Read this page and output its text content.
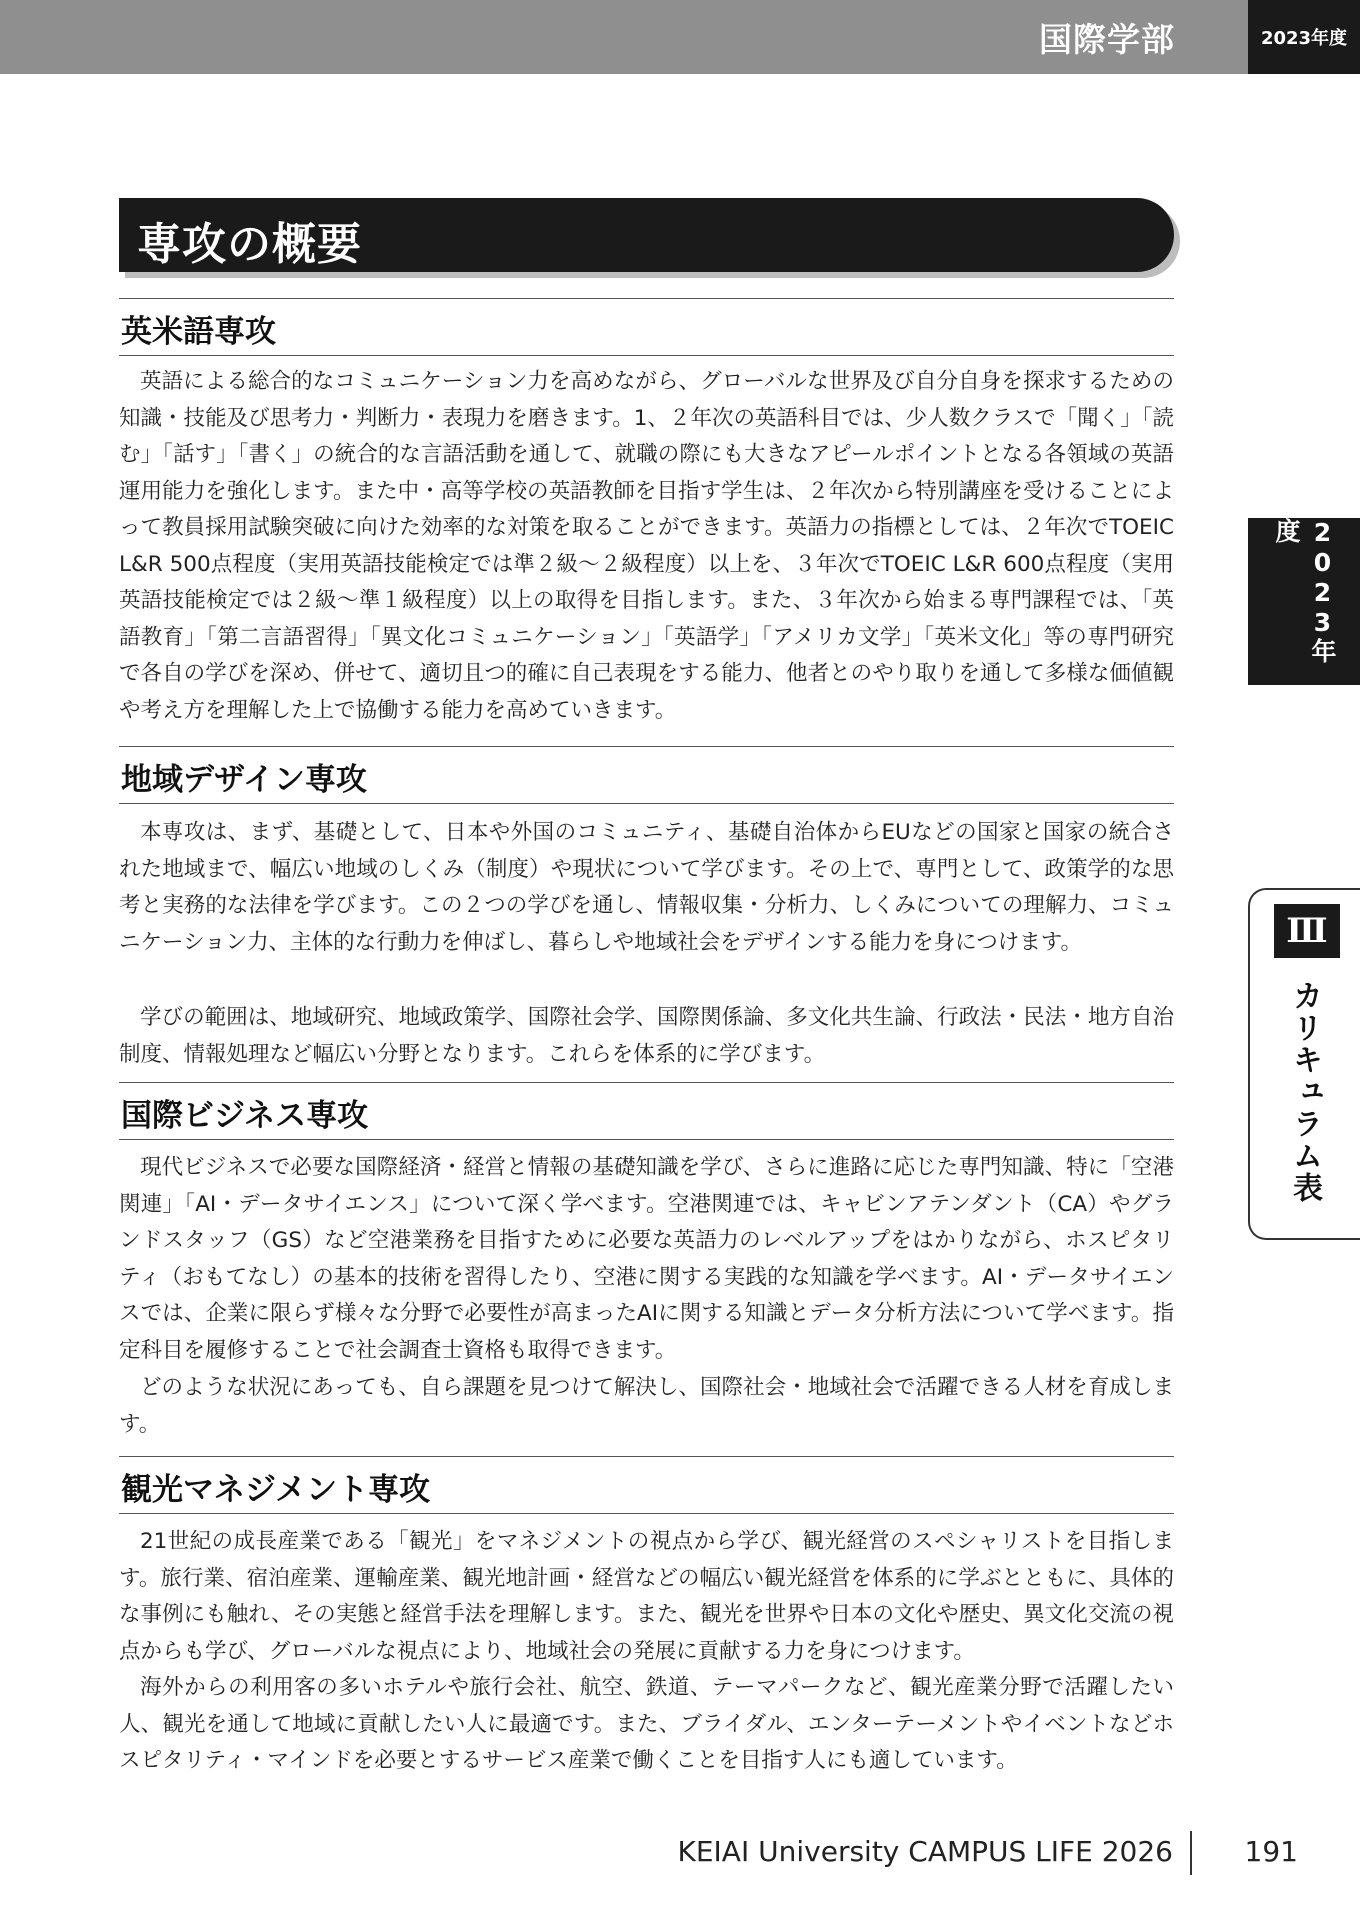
国際学部	2023年度
専攻の概要
英米語専攻

英語による総合的なコミュニケーション力を高めながら、グローバルな世界及び自分自身を探求するための知識・技能及び思考力・判断力・表現力を磨きます。1、２年次の英語科目では、少人数クラスで「聞く」「読む」「話す」「書く」の統合的な言語活動を通して、就職の際にも大きなアピールポイントとなる各領域の英語運用能力を強化します。また中・高等学校の英語教師を目指す学生は、２年次から特別講座を受けることによって教員採用試験突破に向けた効率的な対策を取ることができます。英語力の指標としては、２年次でTOEIC L&R 500点程度（実用英語技能検定では準２級～２級程度）以上を、３年次でTOEIC L&R 600点程度（実用英語技能検定では２級～準１級程度）以上の取得を目指します。また、３年次から始まる専門課程では、「英語教育」「第二言語習得」「異文化コミュニケーション」「英語学」「アメリカ文学」「英米文化」等の専門研究で各自の学びを深め、併せて、適切且つ的確に自己表現をする能力、他者とのやり取りを通して多様な価値観や考え方を理解した上で協働する能力を高めていきます。

地域デザイン専攻

本専攻は、まず、基礎として、日本や外国のコミュニティ、基礎自治体からEUなどの国家と国家の統合された地域まで、幅広い地域のしくみ（制度）や現状について学びます。その上で、専門として、政策学的な思考と実務的な法律を学びます。この２つの学びを通し、情報収集・分析力、しくみについての理解力、コミュニケーション力、主体的な行動力を伸ばし、暮らしや地域社会をデザインする能力を身につけます。

学びの範囲は、地域研究、地域政策学、国際社会学、国際関係論、多文化共生論、行政法・民法・地方自治制度、情報処理など幅広い分野となります。これらを体系的に学びます。

国際ビジネス専攻

現代ビジネスで必要な国際経済・経営と情報の基礎知識を学び、さらに進路に応じた専門知識、特に「空港関連」「AI・データサイエンス」について深く学べます。空港関連では、キャビンアテンダント（CA）やグランドスタッフ（GS）など空港業務を目指すために必要な英語力のレベルアップをはかりながら、ホスピタリティ（おもてなし）の基本的技術を習得したり、空港に関する実践的な知識を学べます。AI・データサイエンスでは、企業に限らず様々な分野で必要性が高まったAIに関する知識とデータ分析方法について学べます。指定科目を履修することで社会調査士資格も取得できます。

どのような状況にあっても、自ら課題を見つけて解決し、国際社会・地域社会で活躍できる人材を育成します。

観光マネジメント専攻

21世紀の成長産業である「観光」をマネジメントの視点から学び、観光経営のスペシャリストを目指します。旅行業、宿泊産業、運輸産業、観光地計画・経営などの幅広い観光経営を体系的に学ぶとともに、具体的な事例にも触れ、その実態と経営手法を理解します。また、観光を世界や日本の文化や歴史、異文化交流の視点からも学び、グローバルな視点により、地域社会の発展に貢献する力を身につけます。

海外からの利用客の多いホテルや旅行会社、航空、鉄道、テーマパークなど、観光産業分野で活躍したい人、観光を通して地域に貢献したい人に最適です。また、ブライダル、エンターテーメントやイベントなどホスピタリティ・マインドを必要とするサービス産業で働くことを目指す人にも適しています。

2023年度
Ⅲ
カリキュラム表
KEIAI University CAMPUS LIFE 2026	191
